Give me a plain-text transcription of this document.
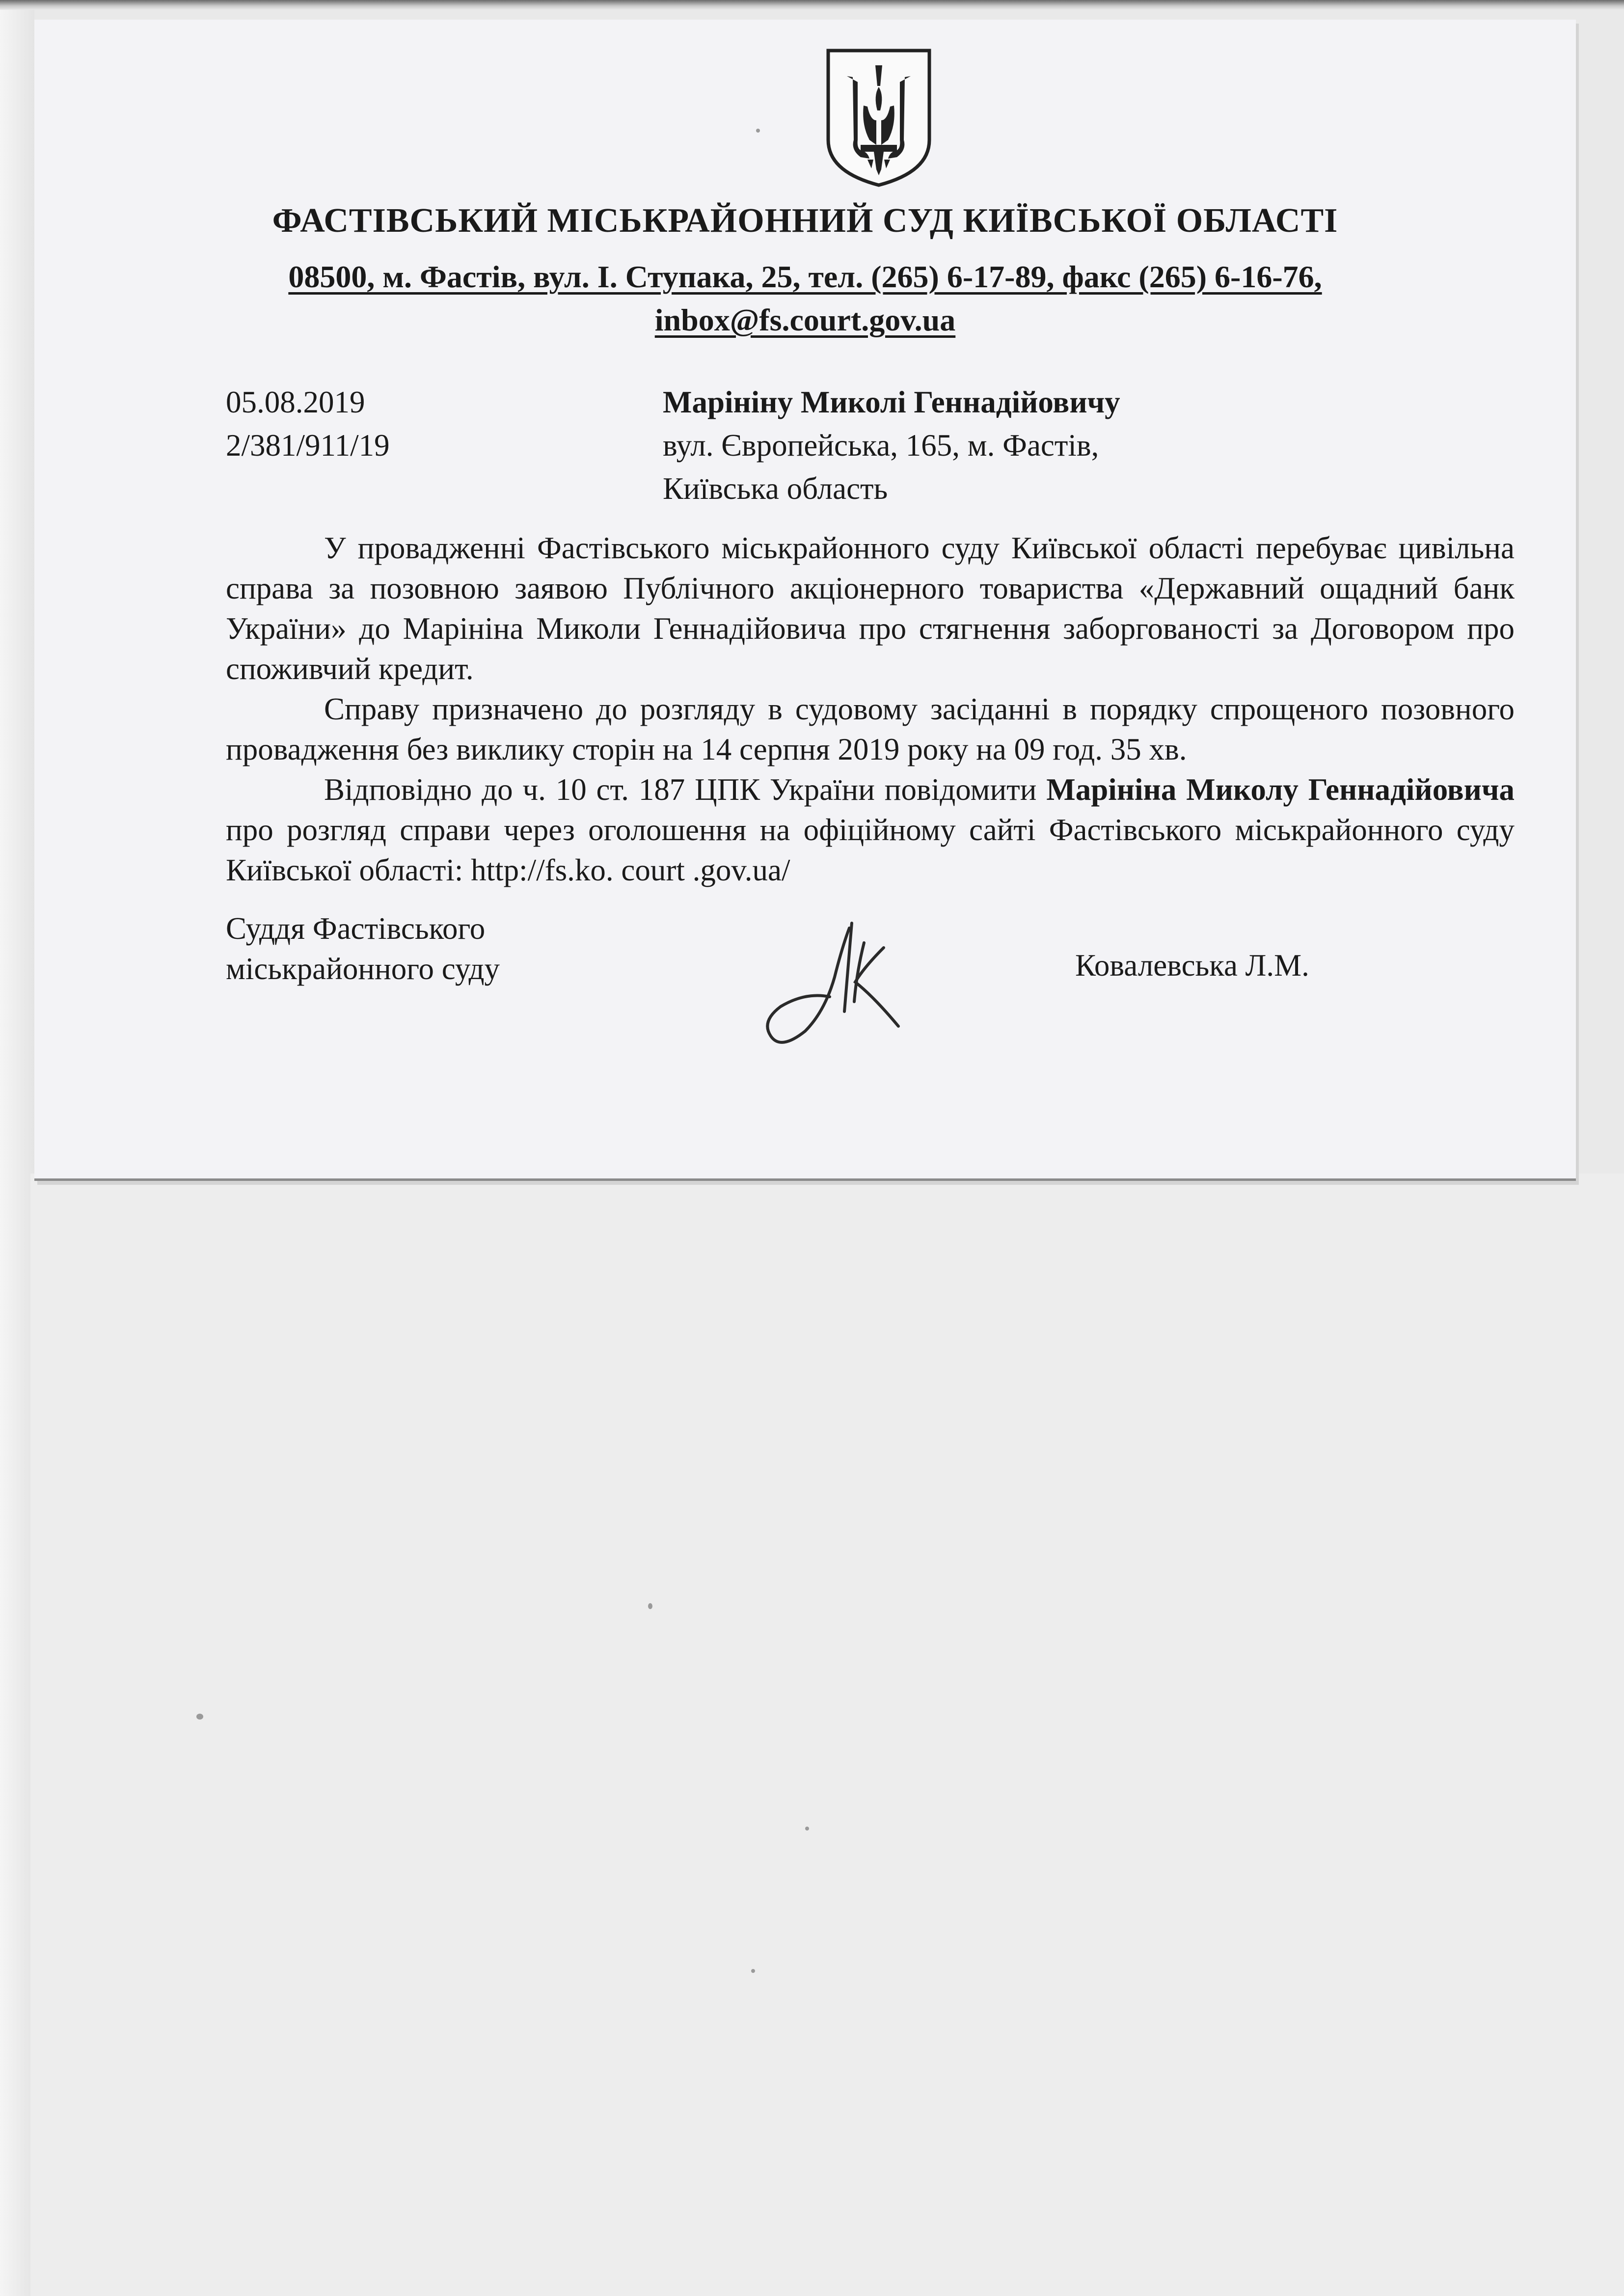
ФАСТІВСЬКИЙ МІСЬКРАЙОННИЙ СУД КИЇВСЬКОЇ ОБЛАСТІ
08500, м. Фастів, вул. І. Ступака, 25, тел. (265) 6-17-89, факс (265) 6-16-76,
inbox@fs.court.gov.ua
05.08.2019
2/381/911/19
Марініну Миколі Геннадійовичу
вул. Європейська, 165, м. Фастів,
Київська область

У провадженні Фастівського міськрайонного суду Київської області перебуває цивільна справа за позовною заявою Публічного акціонерного товариства «Державний ощадний банк України» до Марініна Миколи Геннадійовича про стягнення заборгованості за Договором про споживчий кредит.

Справу призначено до розгляду в судовому засіданні в порядку спрощеного позовного провадження без виклику сторін на 14 серпня 2019 року на 09 год. 35 хв.

Відповідно до ч. 10 ст. 187 ЦПК України повідомити Марініна Миколу Геннадійовича про розгляд справи через оголошення на офіційному сайті Фастівського міськрайонного суду Київської області: http://fs.ko. court .gov.ua/

Суддя Фастівського
міськрайонного суду	Ковалевська Л.М.
